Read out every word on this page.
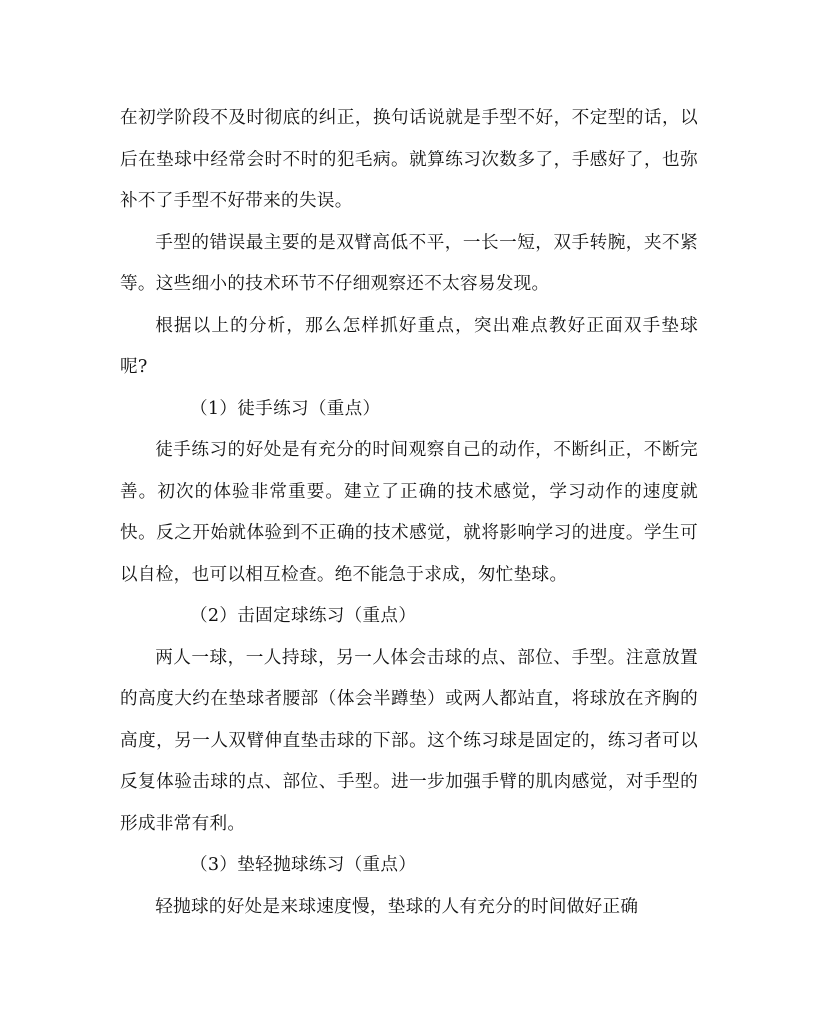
在初学阶段不及时彻底的纠正，换句话说就是手型不好，不定型的话，以后在垫球中经常会时不时的犯毛病。就算练习次数多了，手感好了，也弥补不了手型不好带来的失误。

手型的错误最主要的是双臂高低不平，一长一短，双手转腕，夹不紧等。这些细小的技术环节不仔细观察还不太容易发现。

根据以上的分析，那么怎样抓好重点，突出难点教好正面双手垫球呢?

（1）徒手练习（重点）

徒手练习的好处是有充分的时间观察自己的动作，不断纠正，不断完善。初次的体验非常重要。建立了正确的技术感觉，学习动作的速度就快。反之开始就体验到不正确的技术感觉，就将影响学习的进度。学生可以自检，也可以相互检查。绝不能急于求成，匆忙垫球。

（2）击固定球练习（重点）

两人一球，一人持球，另一人体会击球的点、部位、手型。注意放置的高度大约在垫球者腰部（体会半蹲垫）或两人都站直，将球放在齐胸的高度，另一人双臂伸直垫击球的下部。这个练习球是固定的，练习者可以反复体验击球的点、部位、手型。进一步加强手臂的肌肉感觉，对手型的形成非常有利。

（3）垫轻抛球练习（重点）

轻抛球的好处是来球速度慢，垫球的人有充分的时间做好正确
